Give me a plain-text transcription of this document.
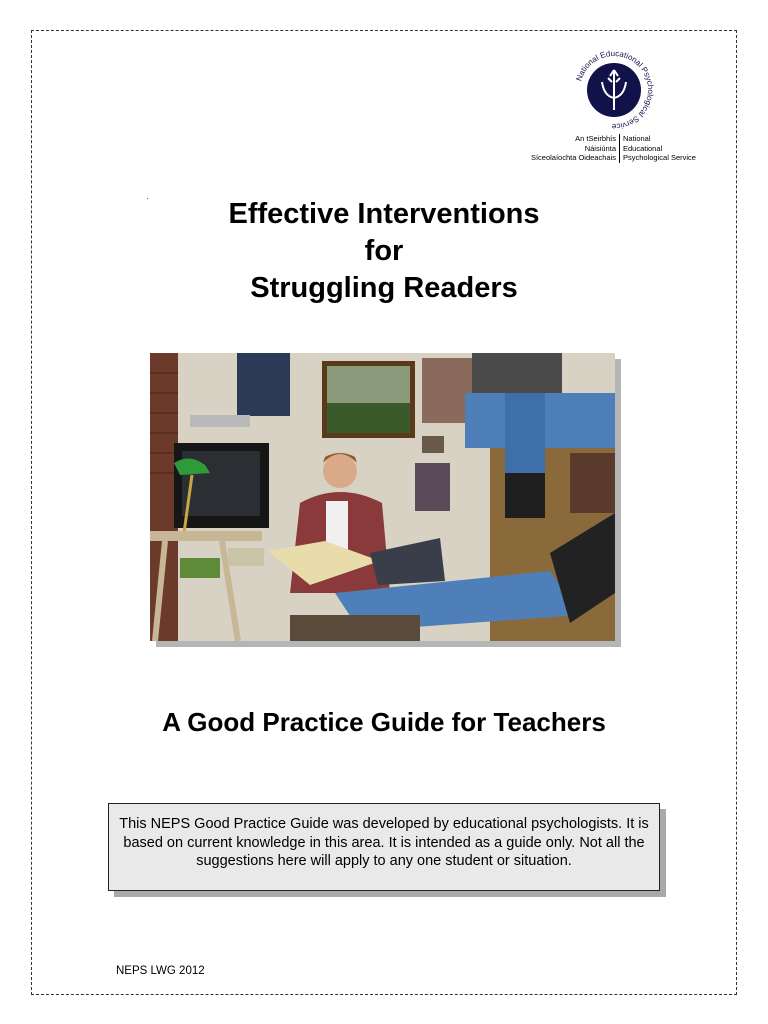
National Educational Psychological Service
An tSeirbhís National
Náisiúnta Educational
Síceolaíochta Oideachais Psychological Service
Effective Interventions
for
Struggling Readers
A Good Practice Guide for Teachers
This NEPS Good Practice Guide was developed by educational psychologists. It is based on current knowledge in this area. It is intended as a guide only. Not all the suggestions here will apply to any one student or situation.
NEPS LWG 2012
